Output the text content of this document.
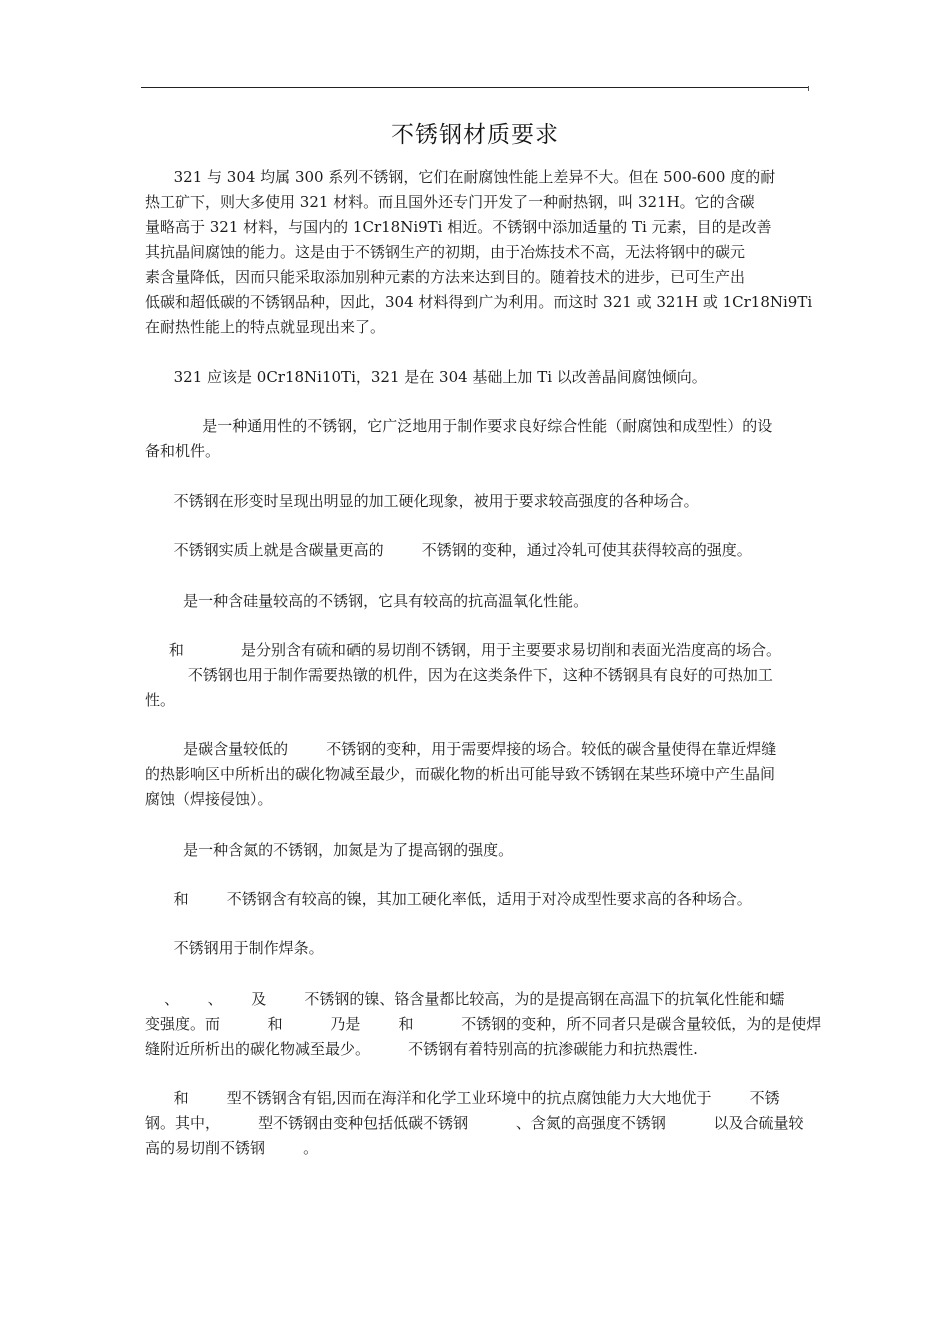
不锈钢材质要求
321 与 304 均属 300 系列不锈钢，它们在耐腐蚀性能上差异不大。但在 500-600 度的耐
热工矿下，则大多使用 321 材料。而且国外还专门开发了一种耐热钢，叫 321H。它的含碳
量略高于 321 材料，与国内的 1Cr18Ni9Ti 相近。不锈钢中添加适量的 Ti 元素，目的是改善
其抗晶间腐蚀的能力。这是由于不锈钢生产的初期，由于冶炼技术不高，无法将钢中的碳元
素含量降低，因而只能采取添加别种元素的方法来达到目的。随着技术的进步，已可生产出
低碳和超低碳的不锈钢品种，因此，304 材料得到广为利用。而这时 321 或 321H 或 1Cr18Ni9Ti
在耐热性能上的特点就显现出来了。
321 应该是 0Cr18Ni10Ti，321 是在 304 基础上加 Ti 以改善晶间腐蚀倾向。
是一种通用性的不锈钢，它广泛地用于制作要求良好综合性能（耐腐蚀和成型性）的设
备和机件。
不锈钢在形变时呈现出明显的加工硬化现象，被用于要求较高强度的各种场合。
不锈钢实质上就是含碳量更高的        不锈钢的变种，通过冷轧可使其获得较高的强度。
是一种含硅量较高的不锈钢，它具有较高的抗高温氧化性能。
和            是分别含有硫和硒的易切削不锈钢，用于主要要求易切削和表面光浩度高的场合。
不锈钢也用于制作需要热镦的机件，因为在这类条件下，这种不锈钢具有良好的可热加工
性。
是碳含量较低的        不锈钢的变种，用于需要焊接的场合。较低的碳含量使得在靠近焊缝
的热影响区中所析出的碳化物减至最少，而碳化物的析出可能导致不锈钢在某些环境中产生晶间
腐蚀（焊接侵蚀）。
是一种含氮的不锈钢，加氮是为了提高钢的强度。
和        不锈钢含有较高的镍，其加工硬化率低，适用于对冷成型性要求高的各种场合。
不锈钢用于制作焊条。
、      、      及        不锈钢的镍、铬含量都比较高，为的是提高钢在高温下的抗氧化性能和蠕
变强度。而          和          乃是        和          不锈钢的变种，所不同者只是碳含量较低，为的是使焊
缝附近所析出的碳化物减至最少。        不锈钢有着特别高的抗渗碳能力和抗热震性.
和        型不锈钢含有铝,因而在海洋和化学工业环境中的抗点腐蚀能力大大地优于        不锈
钢。其中，        型不锈钢由变种包括低碳不锈钢          、含氮的高强度不锈钢          以及合硫量较
高的易切削不锈钢        。
